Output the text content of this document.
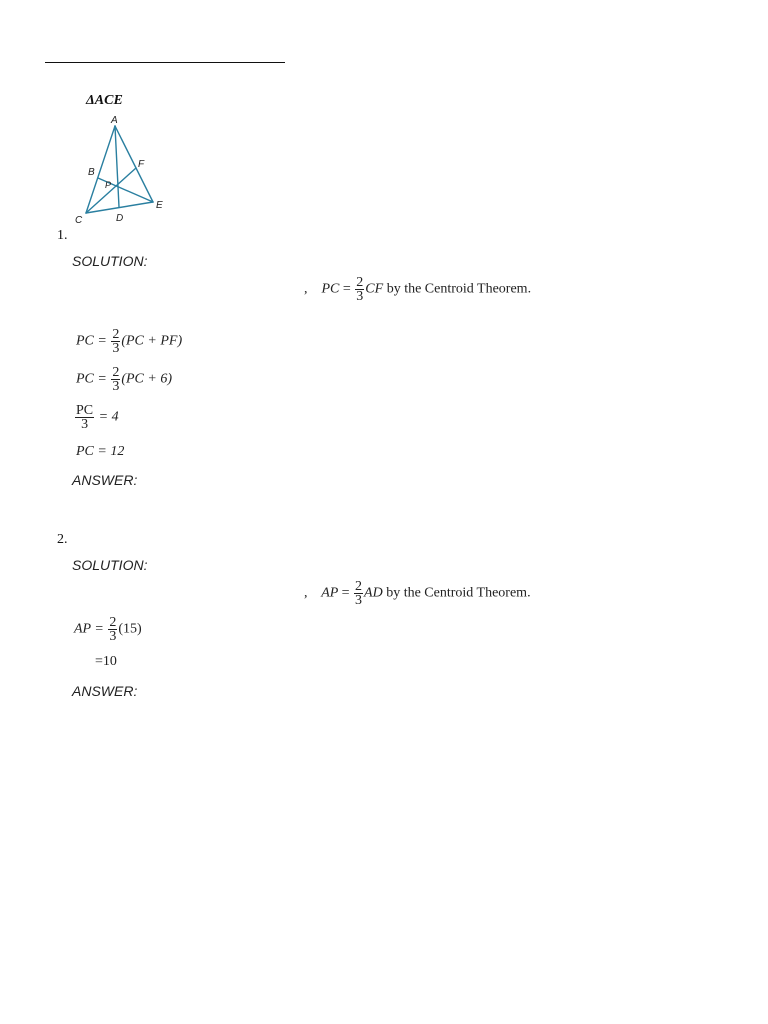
ΔACE
A
B
C	D
E
F
P
1.
SOLUTION:
, PC = $\frac{2}{3}$ CF by the Centroid Theorem.
PC = $\frac{2}{3} (PC + PF)$
PC = $\frac{2}{3} (PC + 6)$
$\frac{PC}{3} = 4$
PC = 12
ANSWER:
2.
SOLUTION:
, AP = $\frac{2}{3}$ AD by the Centroid Theorem.
AP = $\frac{2}{3} (15)$
=10
ANSWER:
